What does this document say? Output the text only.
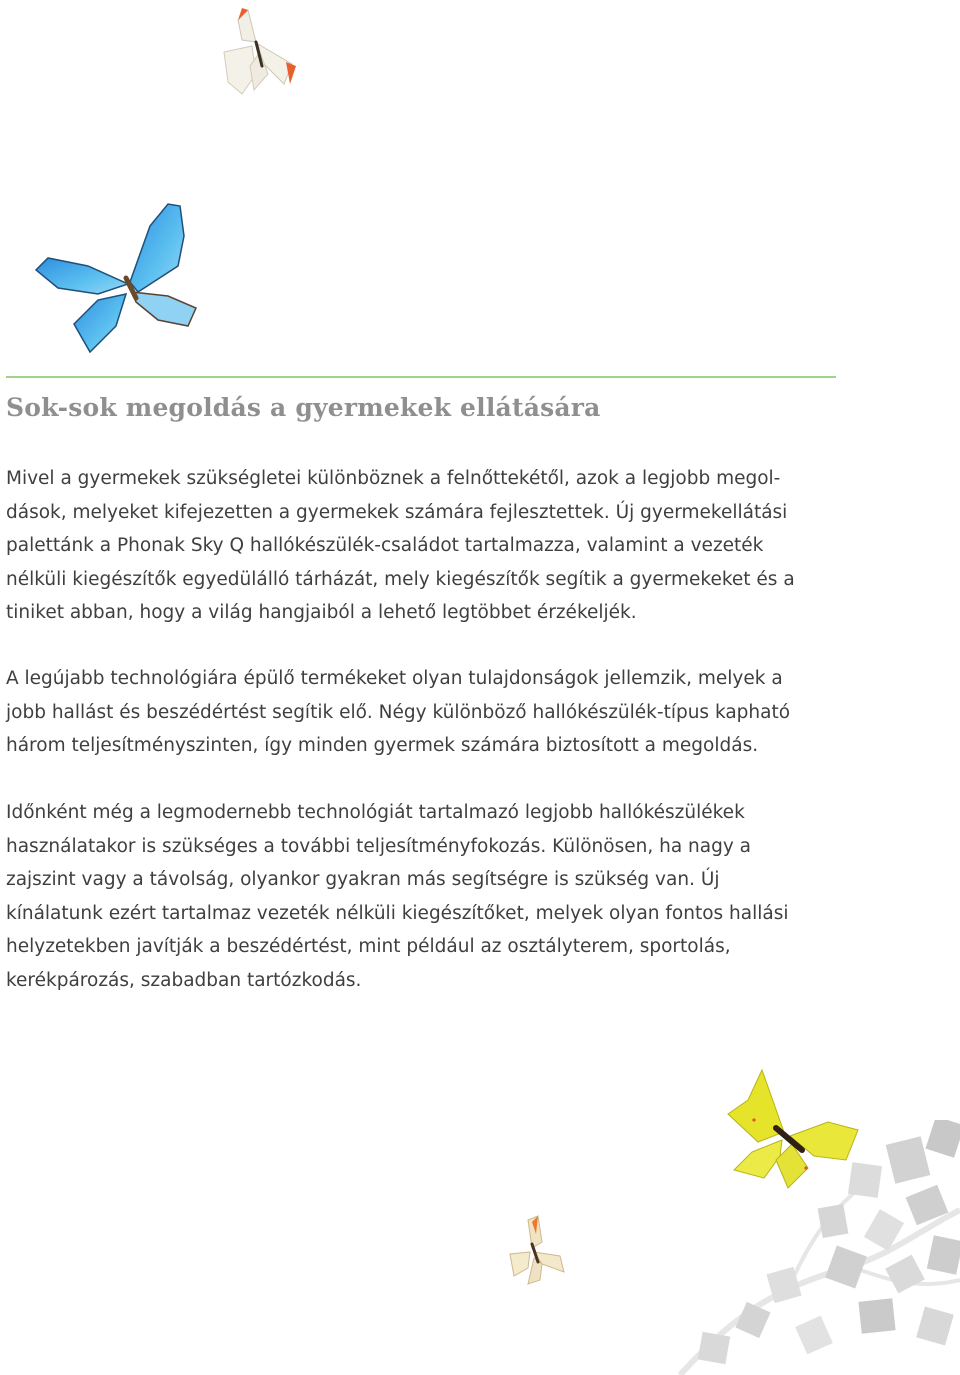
Sok-sok megoldás a gyermekek ellátására

Mivel a gyermekek szükségletei különböznek a felnőttekétől, azok a legjobb megol-
dások, melyeket kifejezetten a gyermekek számára fejlesztettek. Új gyermekellátási
palettánk a Phonak Sky Q hallókészülék-családot tartalmazza, valamint a vezeték
nélküli kiegészítők egyedülálló tárházát, mely kiegészítők segítik a gyermekeket és a
tiniket abban, hogy a világ hangjaiból a lehető legtöbbet érzékeljék.

A legújabb technológiára épülő termékeket olyan tulajdonságok jellemzik, melyek a
jobb hallást és beszédértést segítik elő. Négy különböző hallókészülék-típus kapható
három teljesítményszinten, így minden gyermek számára biztosított a megoldás.

Időnként még a legmodernebb technológiát tartalmazó legjobb hallókészülékek
használatakor is szükséges a további teljesítményfokozás. Különösen, ha nagy a
zajszint vagy a távolság, olyankor gyakran más segítségre is szükség van. Új
kínálatunk ezért tartalmaz vezeték nélküli kiegészítőket, melyek olyan fontos hallási
helyzetekben javítják a beszédértést, mint például az osztályterem, sportolás,
kerékpározás, szabadban tartózkodás.
